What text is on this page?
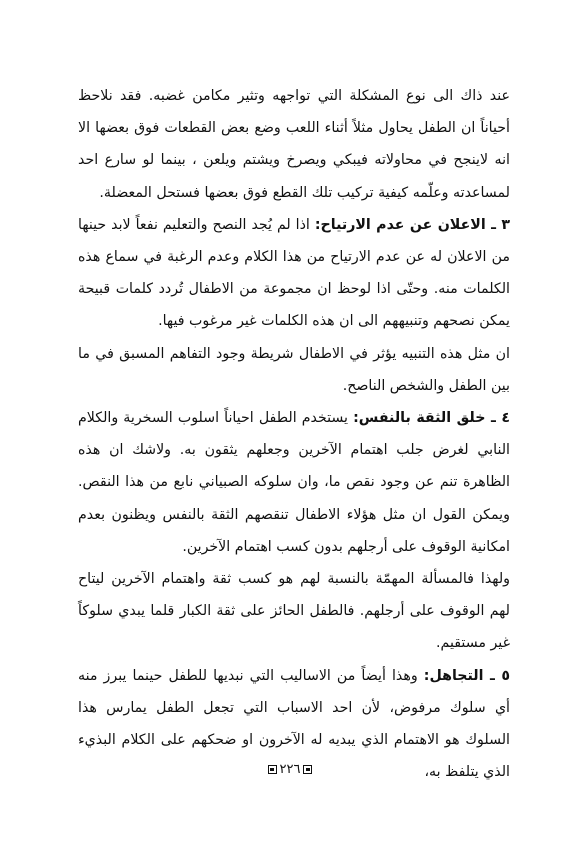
عند ذاك الى نوع المشكلة التي تواجهه وتثير مكامن غضبه. فقد نلاحظ أحياناً ان الطفل يحاول مثلاً أثناء اللعب وضع بعض القطعات فوق بعضها الا انه لاينجح في محاولاته فيبكي ويصرخ ويشتم ويلعن ، بينما لو سارع احد لمساعدته وعلّمه كيفية تركيب تلك القطع فوق بعضها فستحل المعضلة.

٣ ـ الاعلان عن عدم الارتياح: اذا لم يُجد النصح والتعليم نفعاً لابد حينها من الاعلان له عن عدم الارتياح من هذا الكلام وعدم الرغبة في سماع هذه الكلمات منه. وحتّى اذا لوحظ ان مجموعة من الاطفال تُردد كلمات قبيحة يمكن نصحهم وتنبيههم الى ان هذه الكلمات غير مرغوب فيها.

ان مثل هذه التنبيه يؤثر في الاطفال شريطة وجود التفاهم المسبق في ما بين الطفل والشخص الناصح.

٤ ـ خلق الثقة بالنفس: يستخدم الطفل احياناً اسلوب السخرية والكلام النابي لغرض جلب اهتمام الآخرين وجعلهم يثقون به. ولاشك ان هذه الظاهرة تنم عن وجود نقص ما، وان سلوكه الصبياني نابع من هذا النقص. ويمكن القول ان مثل هؤلاء الاطفال تنقصهم الثقة بالنفس ويظنون بعدم امكانية الوقوف على أرجلهم بدون كسب اهتمام الآخرين.

ولهذا فالمسألة المهمّة بالنسبة لهم هو كسب ثقة واهتمام الآخرين ليتاح لهم الوقوف على أرجلهم. فالطفل الحائز على ثقة الكبار قلما يبدي سلوكاً غير مستقيم.

٥ ـ التجاهل: وهذا أيضاً من الاساليب التي نبديها للطفل حينما يبرز منه أي سلوك مرفوض، لأن احد الاسباب التي تجعل الطفل يمارس هذا السلوك هو الاهتمام الذي يبديه له الآخرون او ضحكهم على الكلام البذيء الذي يتلفظ به،

٢٢٦
